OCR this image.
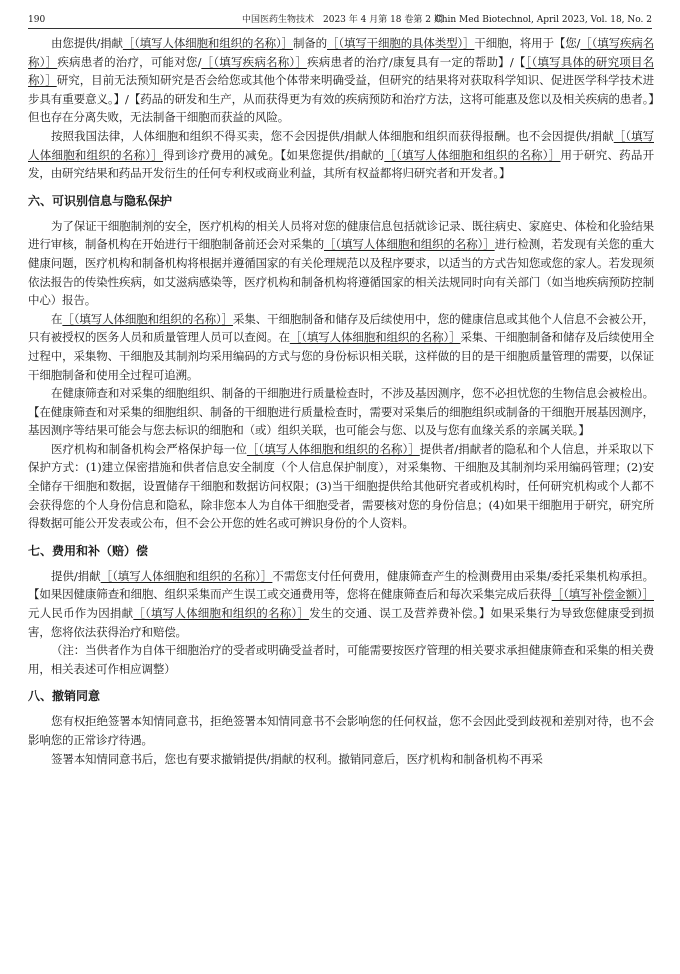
190	中国医药生物技术　2023 年 4 月第 18 卷第 2 期
Chin Med Biotechnol, April 2023, Vol. 18, No. 2

由您提供/捐献［（填写人体细胞和组织的名称）］制备的［（填写干细胞的具体类型）］干细胞，将用于【您/［（填写疾病名称）］疾病患者的治疗，可能对您/［（填写疾病名称）］疾病患者的治疗/康复具有一定的帮助】/【［（填写具体的研究项目名称）］研究，目前无法预知研究是否会给您或其他个体带来明确受益，但研究的结果将对获取科学知识、促进医学科学技术进步具有重要意义。】/【药品的研发和生产，从而获得更为有效的疾病预防和治疗方法，这将可能惠及您以及相关疾病的患者。】但也存在分离失败，无法制备干细胞而获益的风险。

按照我国法律，人体细胞和组织不得买卖，您不会因提供/捐献人体细胞和组织而获得报酬。也不会因提供/捐献［（填写人体细胞和组织的名称）］得到诊疗费用的减免。【如果您提供/捐献的［（填写人体细胞和组织的名称）］用于研究、药品开发，由研究结果和药品开发衍生的任何专利权或商业利益，其所有权益都将归研究者和开发者。】

六、可识别信息与隐私保护

为了保证干细胞制剂的安全，医疗机构的相关人员将对您的健康信息包括就诊记录、既往病史、家庭史、体检和化验结果进行审核，制备机构在开始进行干细胞制备前还会对采集的［（填写人体细胞和组织的名称）］进行检测，若发现有关您的重大健康问题，医疗机构和制备机构将根据并遵循国家的有关伦理规范以及程序要求，以适当的方式告知您或您的家人。若发现须依法报告的传染性疾病，如艾滋病感染等，医疗机构和制备机构将遵循国家的相关法规同时向有关部门（如当地疾病预防控制中心）报告。

在［（填写人体细胞和组织的名称）］采集、干细胞制备和储存及后续使用中，您的健康信息或其他个人信息不会被公开，只有被授权的医务人员和质量管理人员可以查阅。在［（填写人体细胞和组织的名称）］采集、干细胞制备和储存及后续使用全过程中，采集物、干细胞及其制剂均采用编码的方式与您的身份标识相关联，这样做的目的是干细胞质量管理的需要，以保证干细胞制备和使用全过程可追溯。

在健康筛查和对采集的细胞组织、制备的干细胞进行质量检查时，不涉及基因测序，您不必担忧您的生物信息会被检出。【在健康筛查和对采集的细胞组织、制备的干细胞进行质量检查时，需要对采集后的细胞组织或制备的干细胞开展基因测序，基因测序等结果可能会与您去标识的细胞和（或）组织关联，也可能会与您、以及与您有血缘关系的亲属关联。】

医疗机构和制备机构会严格保护每一位［（填写人体细胞和组织的名称）］提供者/捐献者的隐私和个人信息，并采取以下保护方式：(1)建立保密措施和供者信息安全制度（个人信息保护制度），对采集物、干细胞及其制剂均采用编码管理；(2)安全储存干细胞和数据，设置储存干细胞和数据访问权限；(3)当干细胞提供给其他研究者或机构时，任何研究机构或个人都不会获得您的个人身份信息和隐私，除非您本人为自体干细胞受者，需要核对您的身份信息；(4)如果干细胞用于研究，研究所得数据可能公开发表或公布，但不会公开您的姓名或可辨识身份的个人资料。

七、费用和补（赔）偿

提供/捐献［（填写人体细胞和组织的名称）］不需您支付任何费用，健康筛查产生的检测费用由采集/委托采集机构承担。【如果因健康筛查和细胞、组织采集而产生误工或交通费用等，您将在健康筛查后和每次采集完成后获得［（填写补偿金额）］元人民币作为因捐献［（填写人体细胞和组织的名称）］发生的交通、误工及营养费补偿。】如果采集行为导致您健康受到损害，您将依法获得治疗和赔偿。

（注：当供者作为自体干细胞治疗的受者或明确受益者时，可能需要按医疗管理的相关要求承担健康筛查和采集的相关费用，相关表述可作相应调整）

八、撤销同意

您有权拒绝签署本知情同意书，拒绝签署本知情同意书不会影响您的任何权益，您不会因此受到歧视和差别对待，也不会影响您的正常诊疗待遇。

签署本知情同意书后，您也有要求撤销提供/捐献的权利。撤销同意后，医疗机构和制备机构不再采
